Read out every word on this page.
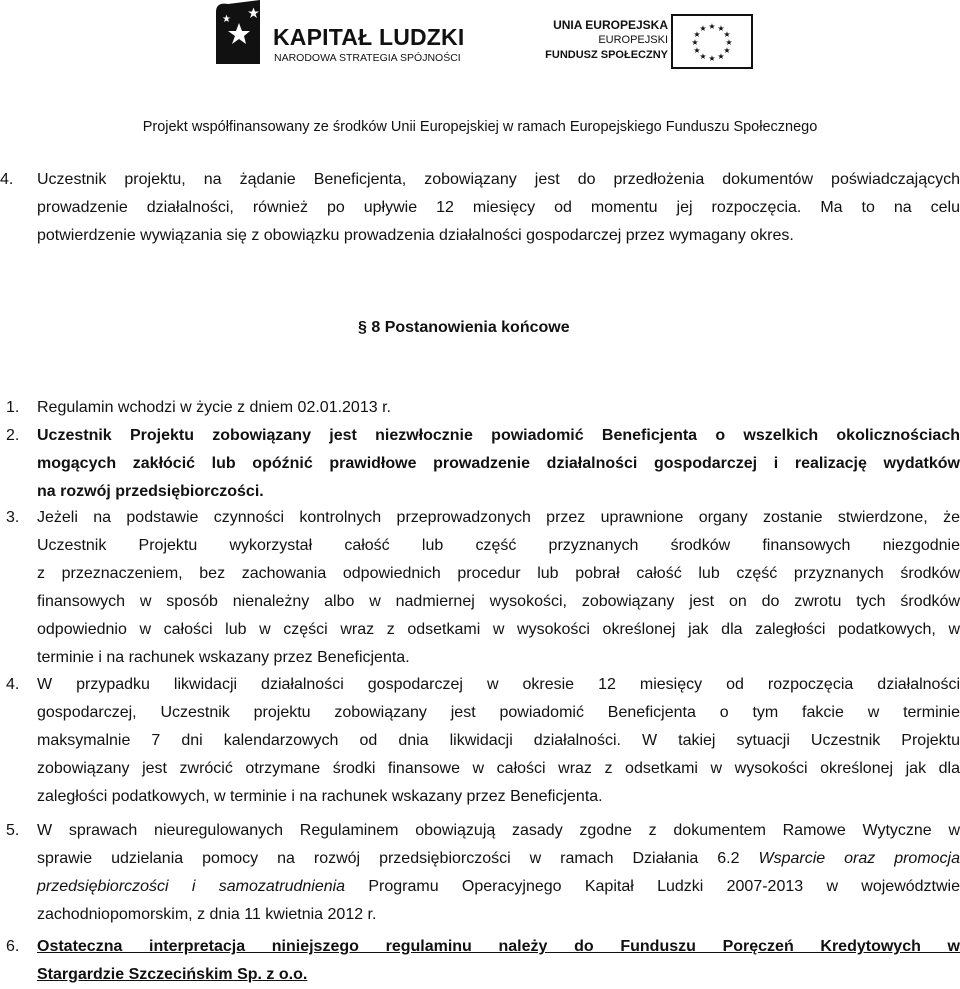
KAPITAŁ LUDZKI
NARODOWA STRATEGIA SPÓJNOŚCI
UNIA EUROPEJSKA
EUROPEJSKI
FUNDUSZ SPOŁECZNY
★ ★
★
★
★
★
★
★
★
★
★
★
Projekt współfinansowany ze środków Unii Europejskiej w ramach Europejskiego Funduszu Społecznego
4. Uczestnik projektu, na żądanie Beneficjenta, zobowiązany jest do przedłożenia dokumentów poświadczających
prowadzenie działalności, również po upływie 12 miesięcy od momentu jej rozpoczęcia. Ma to na celu
potwierdzenie wywiązania się z obowiązku prowadzenia działalności gospodarczej przez wymagany okres.
§ 8 Postanowienia końcowe
1. Regulamin wchodzi w życie z dniem 02.01.2013 r.
2. Uczestnik Projektu zobowiązany jest niezwłocznie powiadomić Beneficjenta o wszelkich okolicznościach
mogących zakłócić lub opóźnić prawidłowe prowadzenie działalności gospodarczej i realizację wydatków
na rozwój przedsiębiorczości.
3. Jeżeli na podstawie czynności kontrolnych przeprowadzonych przez uprawnione organy zostanie stwierdzone, że
Uczestnik Projektu wykorzystał całość lub część przyznanych środków finansowych niezgodnie
z przeznaczeniem, bez zachowania odpowiednich procedur lub pobrał całość lub część przyznanych środków
finansowych w sposób nienależny albo w nadmiernej wysokości, zobowiązany jest on do zwrotu tych środków
odpowiednio w całości lub w części wraz z odsetkami w wysokości określonej jak dla zaległości podatkowych, w
terminie i na rachunek wskazany przez Beneficjenta.
4. W przypadku likwidacji działalności gospodarczej w okresie 12 miesięcy od rozpoczęcia działalności
gospodarczej, Uczestnik projektu zobowiązany jest powiadomić Beneficjenta o tym fakcie w terminie
maksymalnie 7 dni kalendarzowych od dnia likwidacji działalności. W takiej sytuacji Uczestnik Projektu
zobowiązany jest zwrócić otrzymane środki finansowe w całości wraz z odsetkami w wysokości określonej jak dla
zaległości podatkowych, w terminie i na rachunek wskazany przez Beneficjenta.
5. W sprawach nieuregulowanych Regulaminem obowiązują zasady zgodne z dokumentem Ramowe Wytyczne w
sprawie udzielania pomocy na rozwój przedsiębiorczości w ramach Działania 6.2 Wsparcie oraz promocja
przedsiębiorczości i samozatrudnienia Programu Operacyjnego Kapitał Ludzki 2007-2013 w województwie
zachodniopomorskim, z dnia 11 kwietnia 2012 r.
6. Ostateczna interpretacja niniejszego regulaminu należy do Funduszu Poręczeń Kredytowych w
Stargardzie Szczecińskim Sp. z o.o.
